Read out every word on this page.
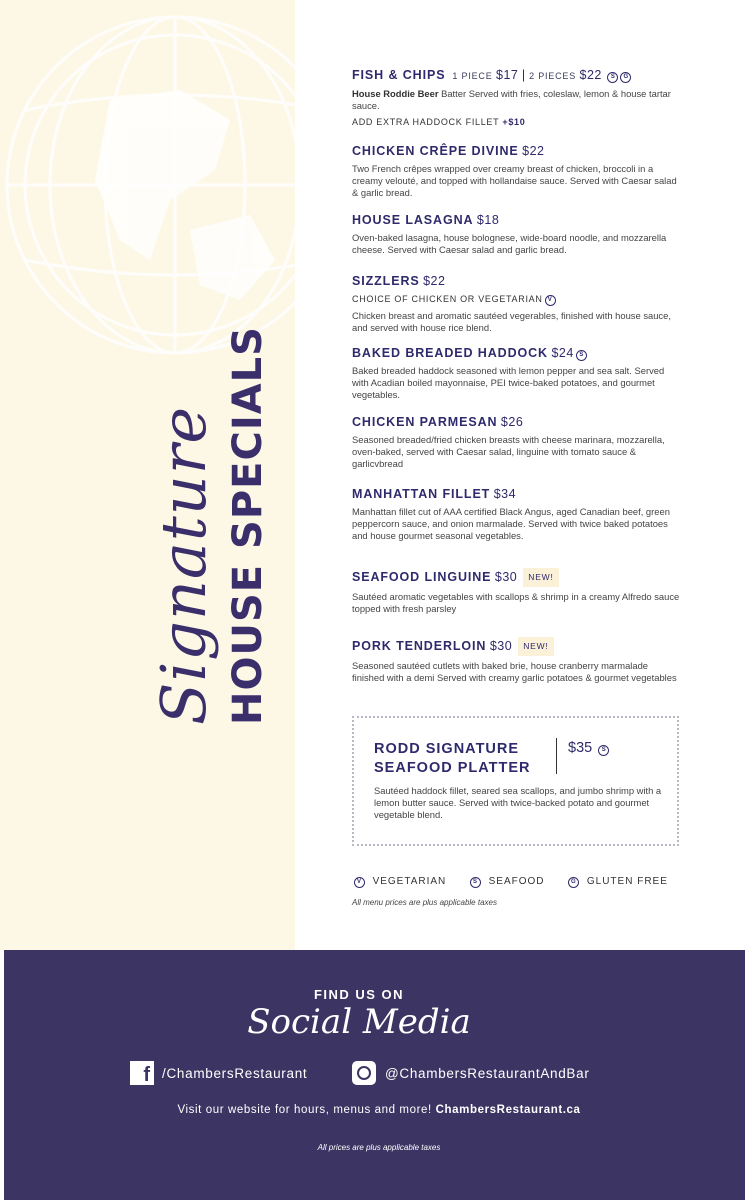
Signature HOUSE SPECIALS
FISH & CHIPS 1 PIECE $17 | 2 PIECES $22 S G
House Roddie Beer Batter Served with fries, coleslaw, lemon & house tartar sauce.
ADD EXTRA HADDOCK FILLET +$10
CHICKEN CRÊPE DIVINE $22
Two French crêpes wrapped over creamy breast of chicken, broccoli in a creamy velouté, and topped with hollandaise sauce. Served with Caesar salad & garlic bread.
HOUSE LASAGNA $18
Oven-baked lasagna, house bolognese, wide-board noodle, and mozzarella cheese. Served with Caesar salad and garlic bread.
SIZZLERS $22
CHOICE OF CHICKEN OR VEGETARIAN V
Chicken breast and aromatic sautéed vegerables, finished with house sauce, and served with house rice blend.
BAKED BREADED HADDOCK $24 S
Baked breaded haddock seasoned with lemon pepper and sea salt. Served with Acadian boiled mayonnaise, PEI twice-baked potatoes, and gourmet vegetables.
CHICKEN PARMESAN $26
Seasoned breaded/fried chicken breasts with cheese marinara, mozzarella, oven-baked, served with Caesar salad, linguine with tomato sauce & garlicvbread
MANHATTAN FILLET $34
Manhattan fillet cut of AAA certified Black Angus, aged Canadian beef, green peppercorn sauce, and onion marmalade. Served with twice baked potatoes and house gourmet seasonal vegetables.
SEAFOOD LINGUINE $30 NEW!
Sautéed aromatic vegetables with scallops & shrimp in a creamy Alfredo sauce topped with fresh parsley
PORK TENDERLOIN $30 NEW!
Seasoned sautéed cutlets with baked brie, house cranberry marmalade finished with a demi Served with creamy garlic potatoes & gourmet vegetables
RODD SIGNATURE SEAFOOD PLATTER
$35 S
Sautéed haddock fillet, seared sea scallops, and jumbo shrimp with a lemon butter sauce. Served with twice-backed potato and gourmet vegetable blend.
V VEGETARIAN	S SEAFOOD	G GLUTEN FREE
All menu prices are plus applicable taxes
FIND US ON
Social Media
f /ChambersRestaurant	@ChambersRestaurantAndBar
Visit our website for hours, menus and more! ChambersRestaurant.ca
All prices are plus applicable taxes
